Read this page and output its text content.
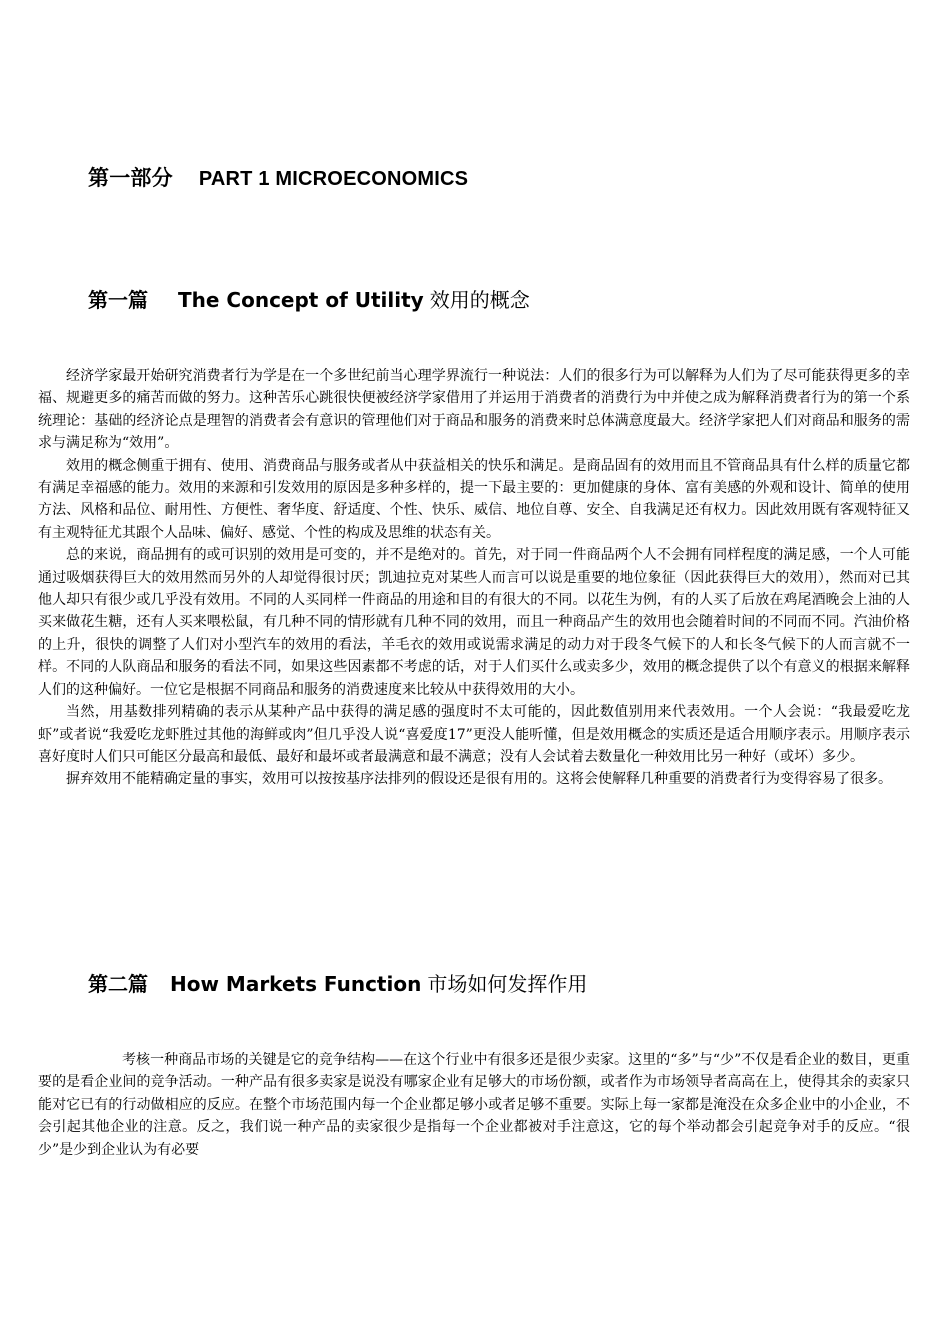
第一部分 PART 1 MICROECONOMICS
第一篇 The Concept of Utility 效用的概念

经济学家最开始研究消费者行为学是在一个多世纪前当心理学界流行一种说法：人们的很多行为可以解释为人们为了尽可能获得更多的幸福、规避更多的痛苦而做的努力。这种苦乐心跳很快便被经济学家借用了并运用于消费者的消费行为中并使之成为解释消费者行为的第一个系统理论：基础的经济论点是理智的消费者会有意识的管理他们对于商品和服务的消费来时总体满意度最大。经济学家把人们对商品和服务的需求与满足称为“效用”。

效用的概念侧重于拥有、使用、消费商品与服务或者从中获益相关的快乐和满足。是商品固有的效用而且不管商品具有什么样的质量它都有满足幸福感的能力。效用的来源和引发效用的原因是多种多样的，提一下最主要的：更加健康的身体、富有美感的外观和设计、简单的使用方法、风格和品位、耐用性、方便性、奢华度、舒适度、个性、快乐、威信、地位自尊、安全、自我满足还有权力。因此效用既有客观特征又有主观特征尤其跟个人品味、偏好、感觉、个性的构成及思维的状态有关。

总的来说，商品拥有的或可识别的效用是可变的，并不是绝对的。首先，对于同一件商品两个人不会拥有同样程度的满足感，一个人可能通过吸烟获得巨大的效用然而另外的人却觉得很讨厌；凯迪拉克对某些人而言可以说是重要的地位象征（因此获得巨大的效用），然而对已其他人却只有很少或几乎没有效用。不同的人买同样一件商品的用途和目的有很大的不同。以花生为例，有的人买了后放在鸡尾酒晚会上油的人买来做花生糖，还有人买来喂松鼠，有几种不同的情形就有几种不同的效用，而且一种商品产生的效用也会随着时间的不同而不同。汽油价格的上升，很快的调整了人们对小型汽车的效用的看法，羊毛衣的效用或说需求满足的动力对于段冬气候下的人和长冬气候下的人而言就不一样。不同的人队商品和服务的看法不同，如果这些因素都不考虑的话，对于人们买什么或卖多少，效用的概念提供了以个有意义的根据来解释人们的这种偏好。一位它是根据不同商品和服务的消费速度来比较从中获得效用的大小。

当然，用基数排列精确的表示从某种产品中获得的满足感的强度时不太可能的，因此数值别用来代表效用。一个人会说：“我最爱吃龙虾”或者说“我爱吃龙虾胜过其他的海鲜或肉”但几乎没人说“喜爱度17”更没人能听懂，但是效用概念的实质还是适合用顺序表示。用顺序表示喜好度时人们只可能区分最高和最低、最好和最坏或者最满意和最不满意；没有人会试着去数量化一种效用比另一种好（或坏）多少。

摒弃效用不能精确定量的事实，效用可以按按基序法排列的假设还是很有用的。这将会使解释几种重要的消费者行为变得容易了很多。

第二篇 How Markets Function 市场如何发挥作用

考核一种商品市场的关键是它的竞争结构——在这个行业中有很多还是很少卖家。这里的“多”与“少”不仅是看企业的数目，更重要的是看企业间的竞争活动。一种产品有很多卖家是说没有哪家企业有足够大的市场份额，或者作为市场领导者高高在上，使得其余的卖家只能对它已有的行动做相应的反应。在整个市场范围内每一个企业都足够小或者足够不重要。实际上每一家都是淹没在众多企业中的小企业，不会引起其他企业的注意。反之，我们说一种产品的卖家很少是指每一个企业都被对手注意这，它的每个举动都会引起竞争对手的反应。“很少”是少到企业认为有必要
